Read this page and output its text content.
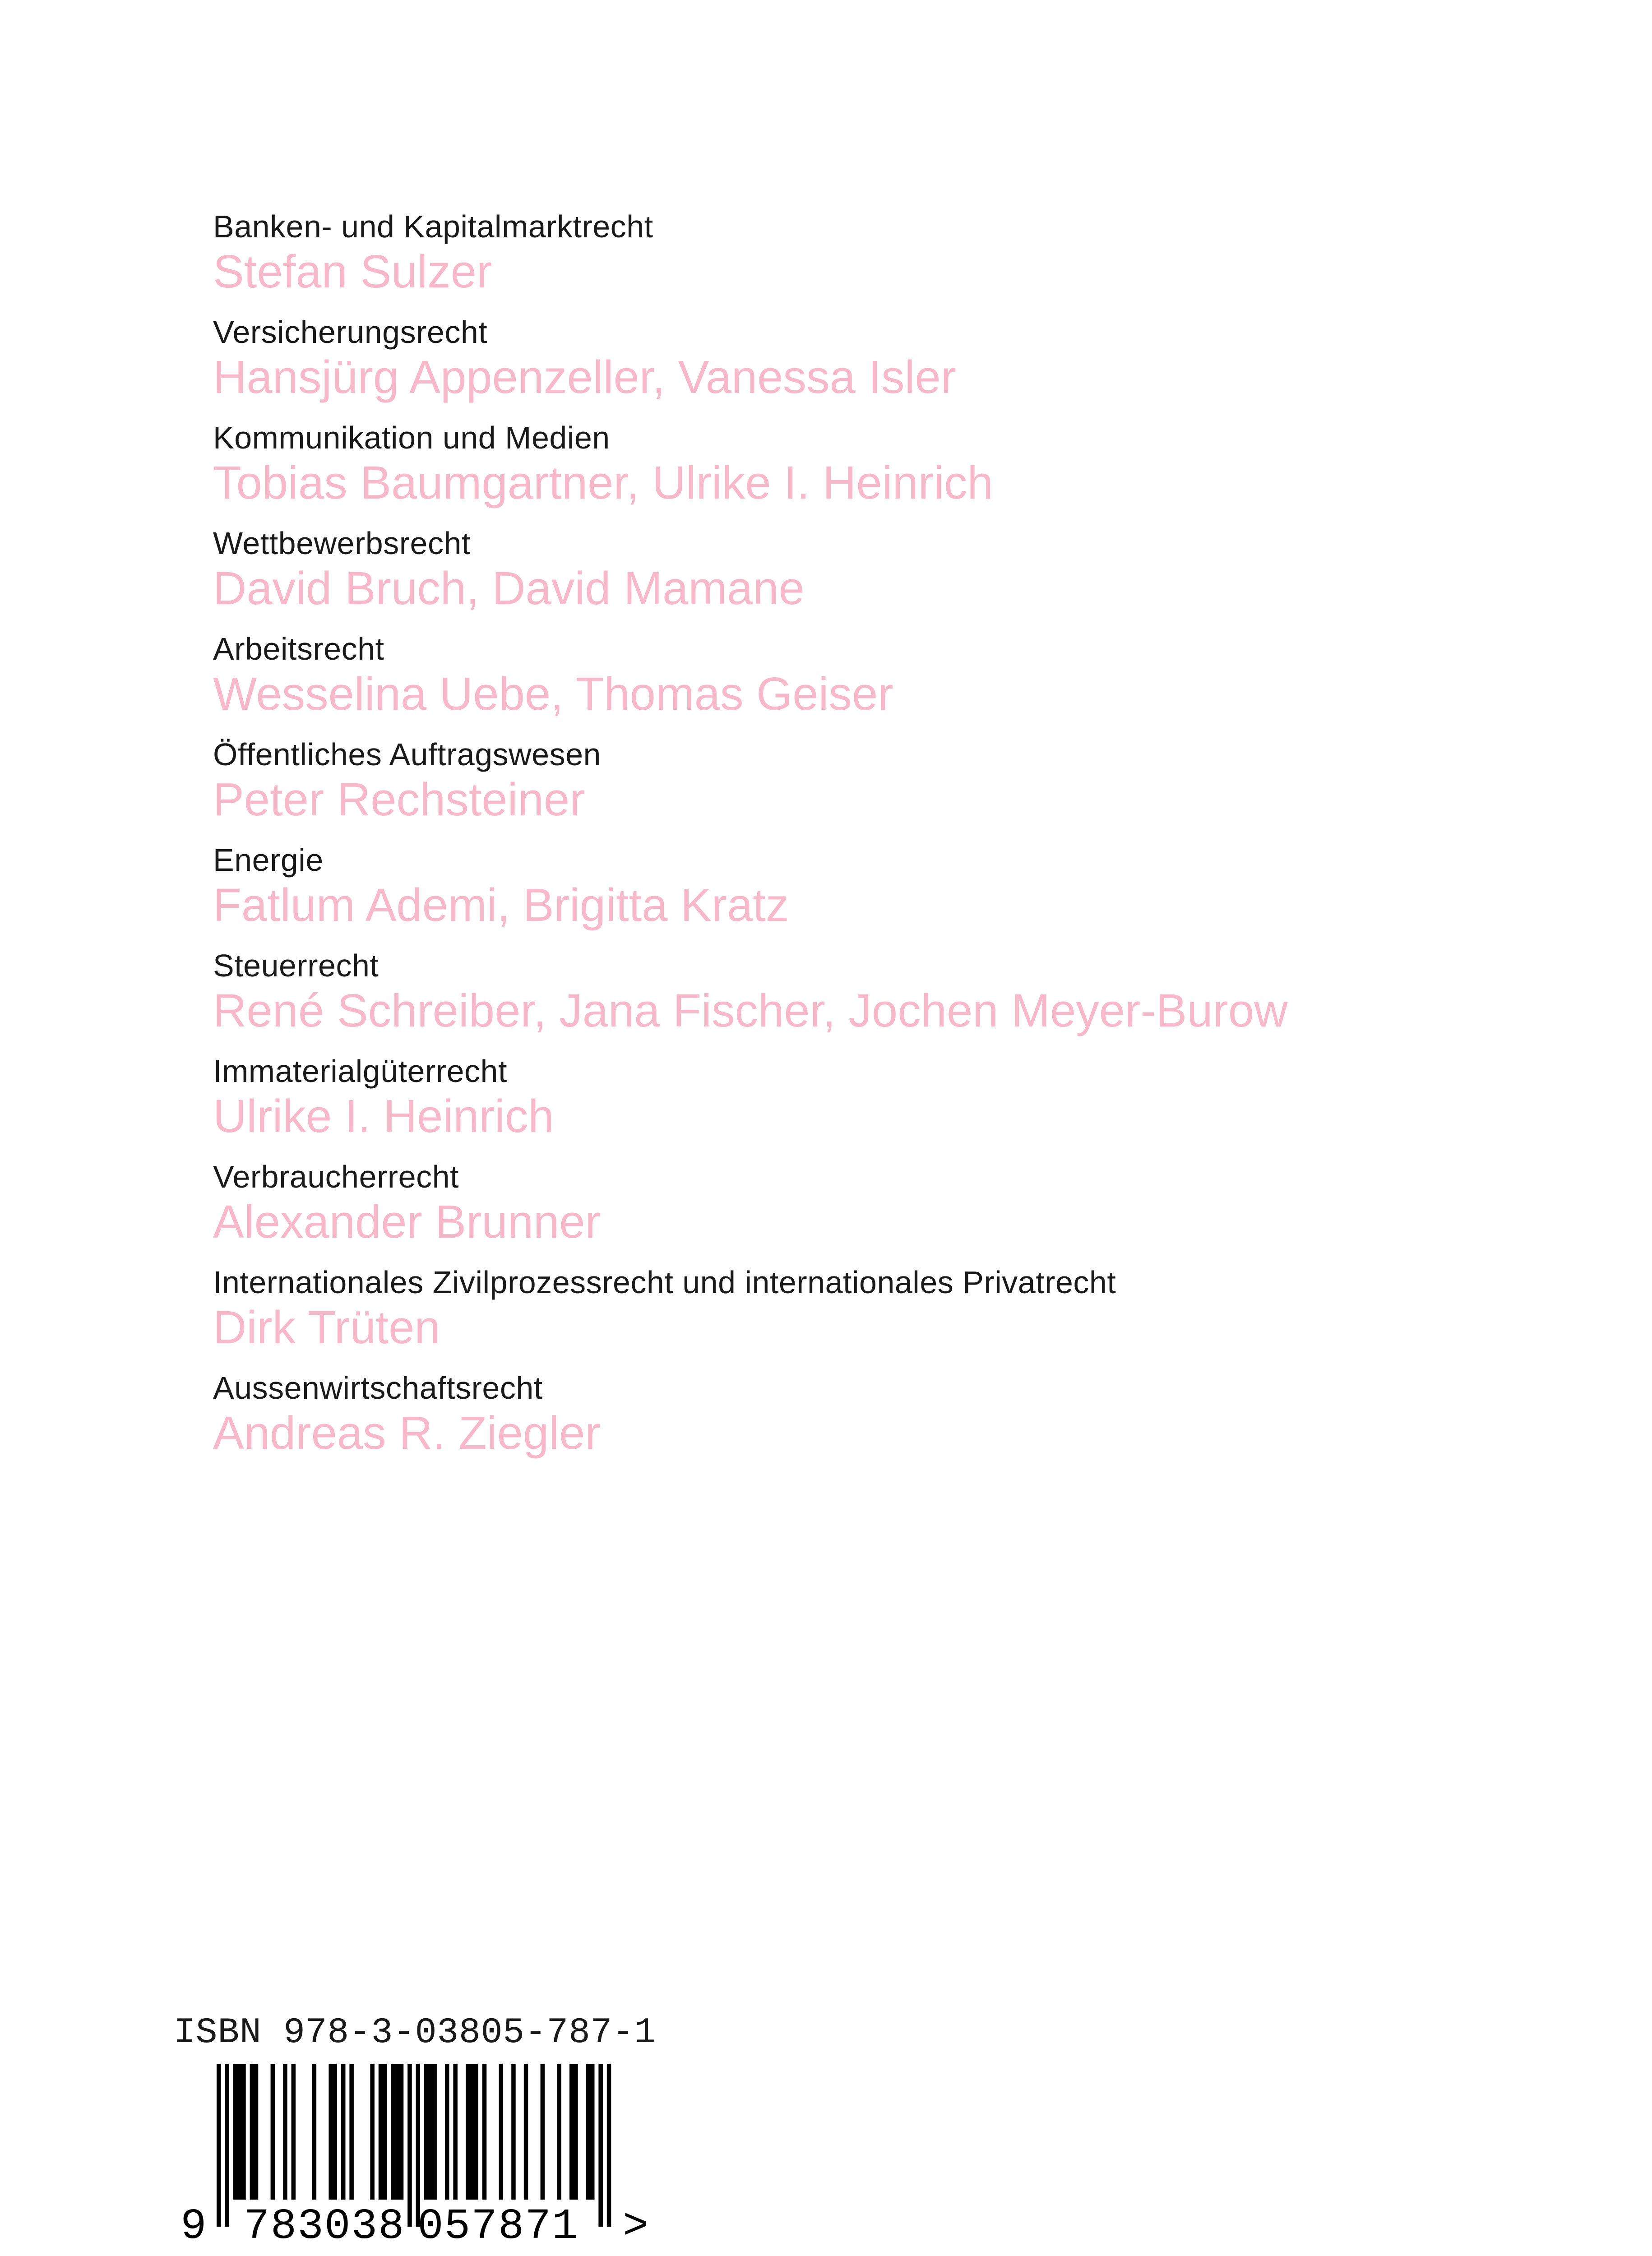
Banken- und Kapitalmarktrecht
Stefan Sulzer
Versicherungsrecht
Hansjürg Appenzeller, Vanessa Isler
Kommunikation und Medien
Tobias Baumgartner, Ulrike I. Heinrich
Wettbewerbsrecht
David Bruch, David Mamane
Arbeitsrecht
Wesselina Uebe, Thomas Geiser
Öffentliches Auftragswesen
Peter Rechsteiner
Energie
Fatlum Ademi, Brigitta Kratz
Steuerrecht
René Schreiber, Jana Fischer, Jochen Meyer-Burow
Immaterialgüterrecht
Ulrike I. Heinrich
Verbraucherrecht
Alexander Brunner
Internationales Zivilprozessrecht und internationales Privatrecht
Dirk Trüten
Aussenwirtschaftsrecht
Andreas R. Ziegler
ISBN 978-3-03805-787-1
9 783038 057871 >
